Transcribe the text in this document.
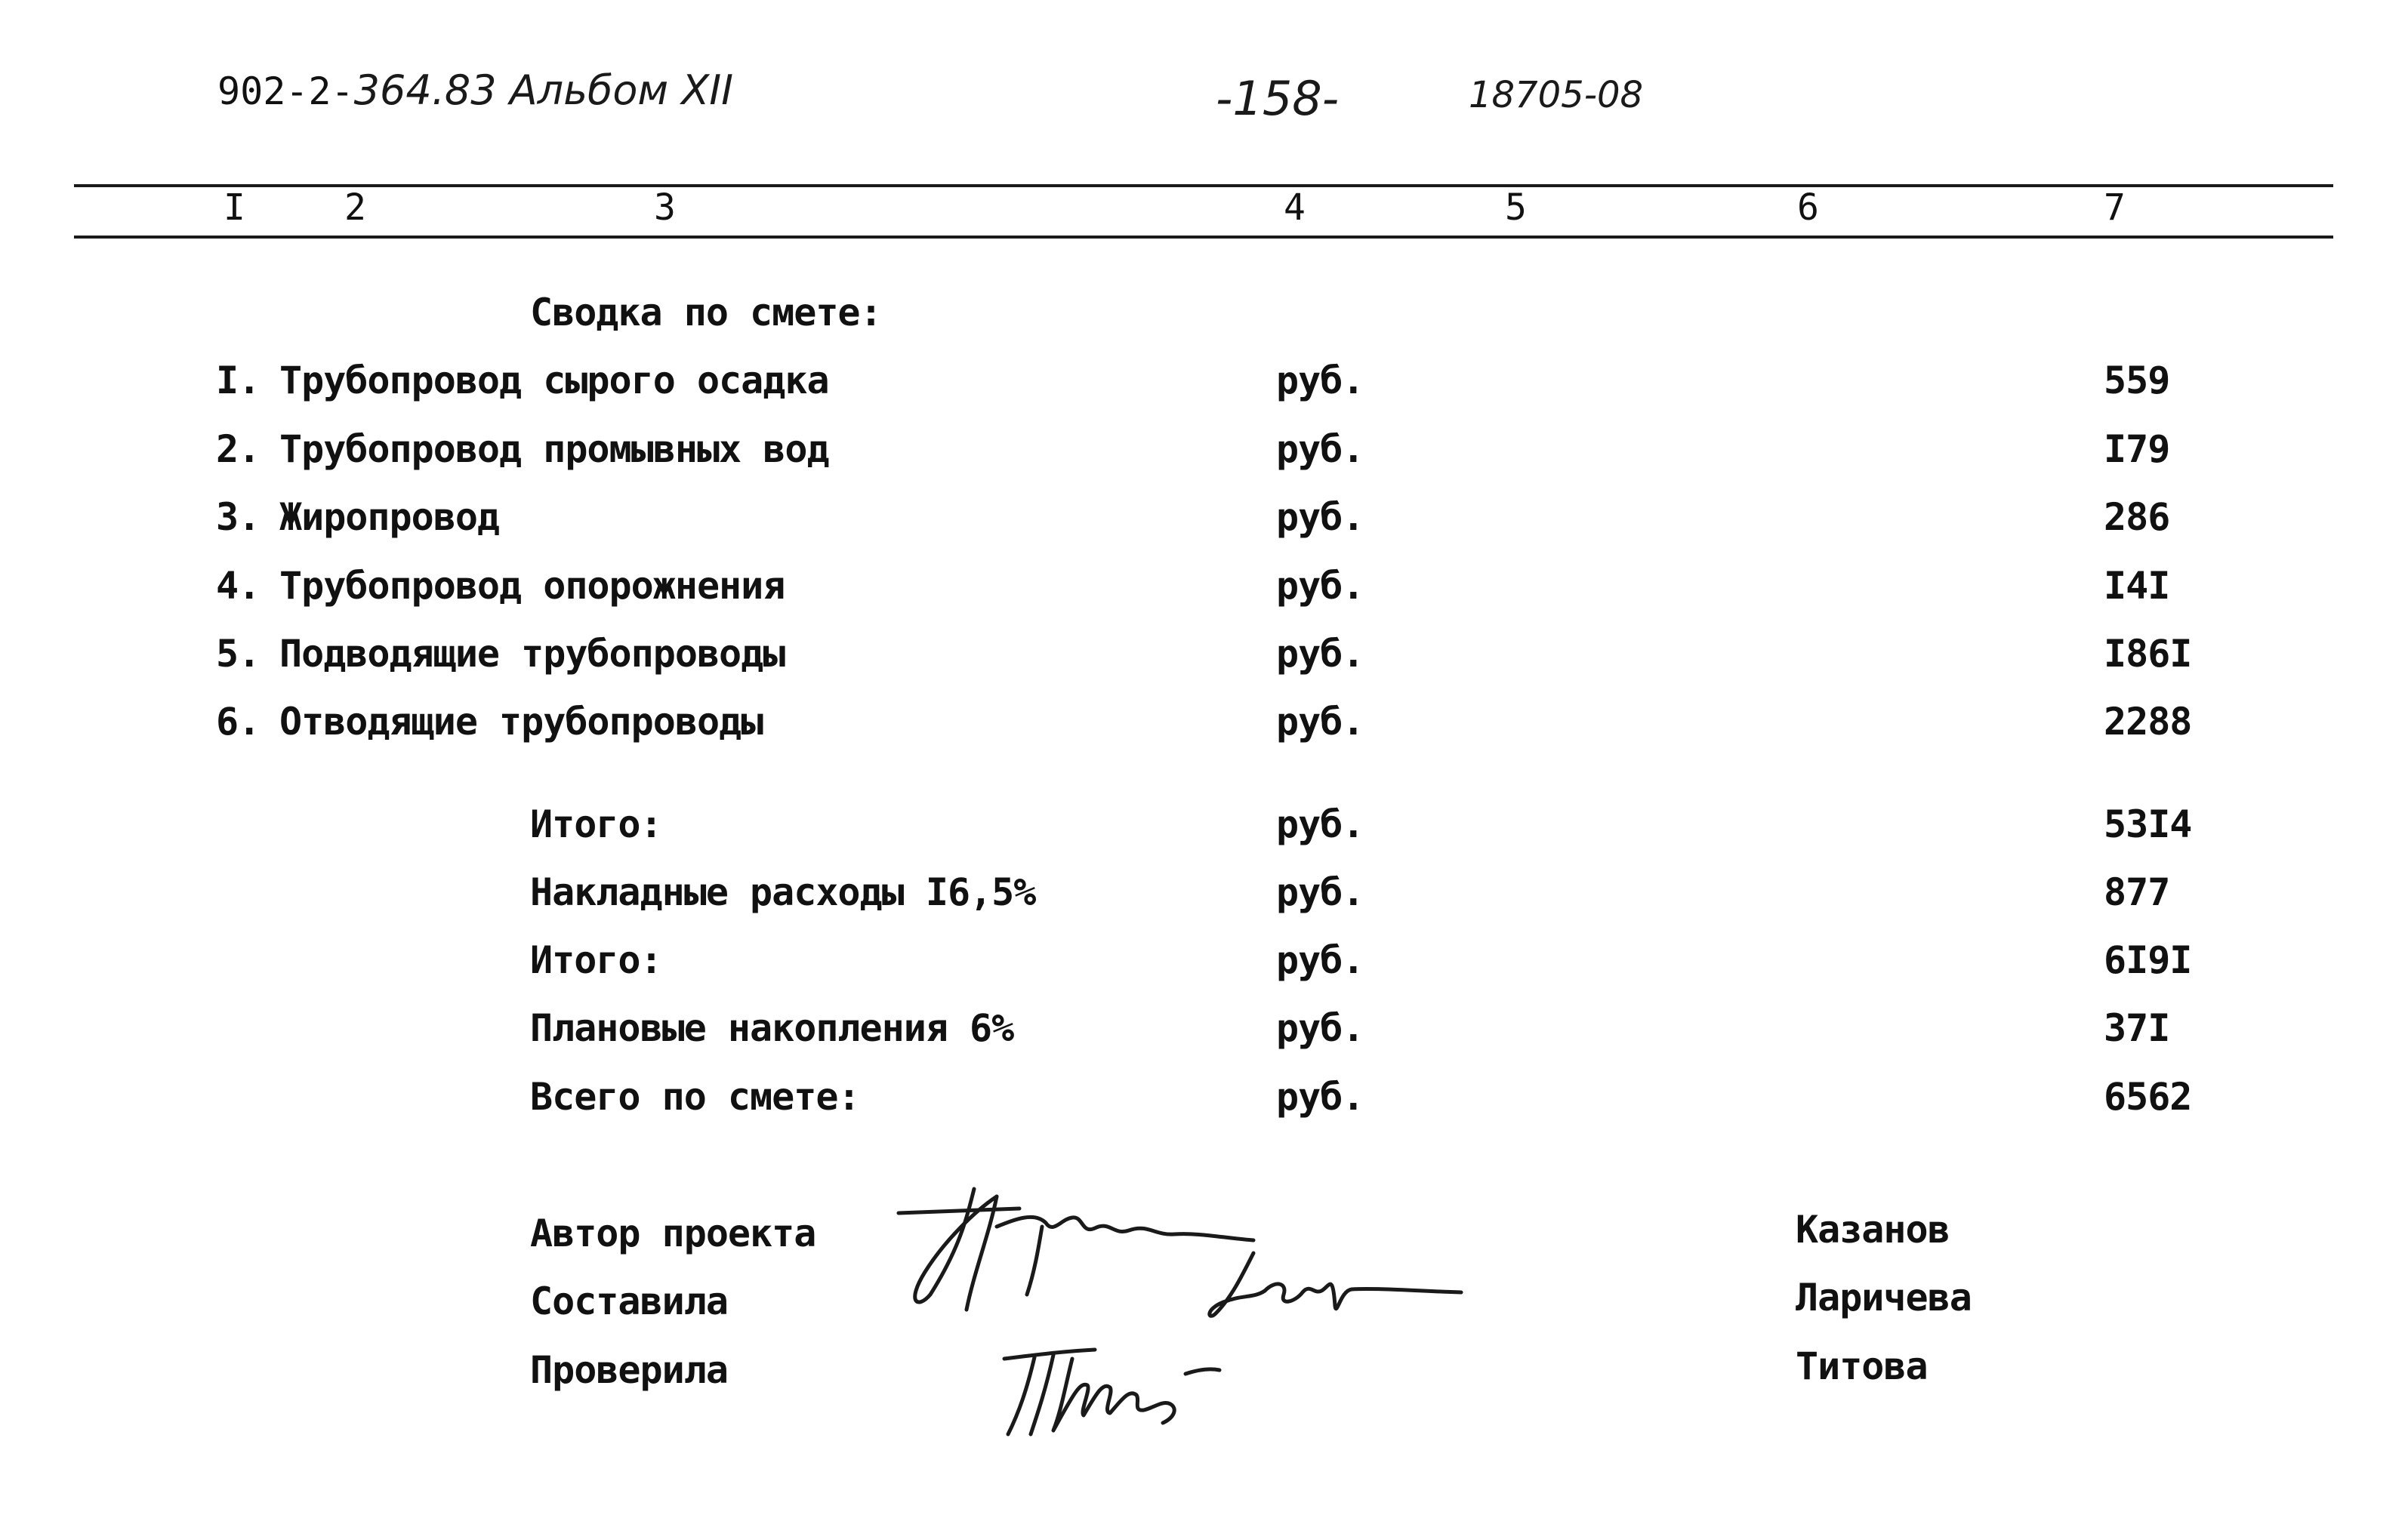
902-2-364.83 Альбом XII	-158-	18705-08
I	2	3	4	5	6	7
Сводка по смете:
I. Трубопровод сырого осадка	руб.	559
2. Трубопровод промывных вод	руб.	I79
3. Жиропровод	руб.	286
4. Трубопровод опорожнения	руб.	I4I
5. Подводящие трубопроводы	руб.	I86I
6. Отводящие трубопроводы	руб.	2288
Итого:	руб.	53I4
Накладные расходы I6,5%	руб.	877
Итого:	руб.	6I9I
Плановые накопления 6%	руб.	37I
Всего по смете:	руб.	6562
Автор проекта	Казанов
Составила	Ларичева
Проверила	Титова
